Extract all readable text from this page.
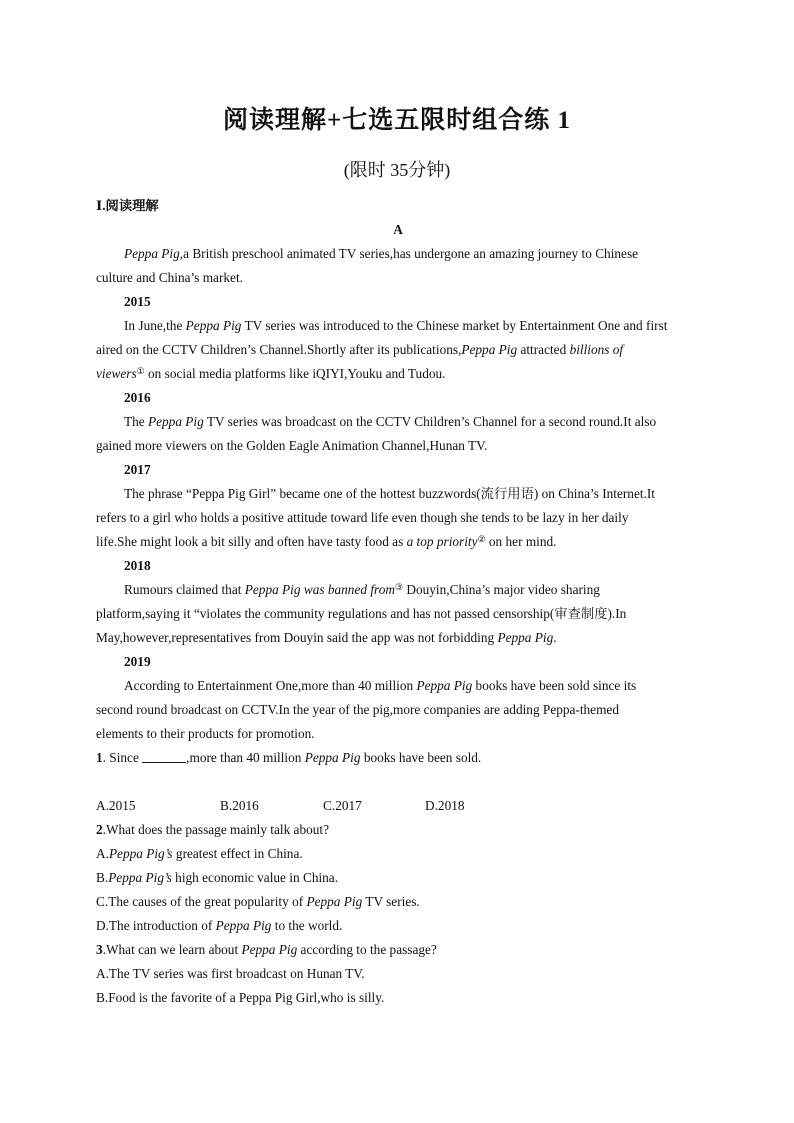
阅读理解+七选五限时组合练 1
(限时 35分钟)
Ⅰ.阅读理解
A
Peppa Pig,a British preschool animated TV series,has undergone an amazing journey to Chinese
culture and China’s market.
2015
In June,the Peppa Pig TV series was introduced to the Chinese market by Entertainment One and first
aired on the CCTV Children’s Channel.Shortly after its publications,Peppa Pig attracted billions of
viewers① on social media platforms like iQIYI,Youku and Tudou.
2016
The Peppa Pig TV series was broadcast on the CCTV Children’s Channel for a second round.It also
gained more viewers on the Golden Eagle Animation Channel,Hunan TV.
2017
The phrase “Peppa Pig Girl” became one of the hottest buzzwords(流行用语) on China’s Internet.It
refers to a girl who holds a positive attitude toward life even though she tends to be lazy in her daily
life.She might look a bit silly and often have tasty food as a top priority② on her mind.
2018
Rumours claimed that Peppa Pig was banned from③ Douyin,China’s major video sharing
platform,saying it “violates the community regulations and has not passed censorship(审查制度).In
May,however,representatives from Douyin said the app was not forbidding Peppa Pig.
2019
According to Entertainment One,more than 40 million Peppa Pig books have been sold since its
second round broadcast on CCTV.In the year of the pig,more companies are adding Peppa-themed
elements to their products for promotion.
1. Since	,more than 40 million Peppa Pig books have been sold.
A.2015	B.2016	C.2017	D.2018
2.What does the passage mainly talk about?
A.Peppa Pig’s greatest effect in China.
B.Peppa Pig’s high economic value in China.
C.The causes of the great popularity of Peppa Pig TV series.
D.The introduction of Peppa Pig to the world.
3.What can we learn about Peppa Pig according to the passage?
A.The TV series was first broadcast on Hunan TV.
B.Food is the favorite of a Peppa Pig Girl,who is silly.
